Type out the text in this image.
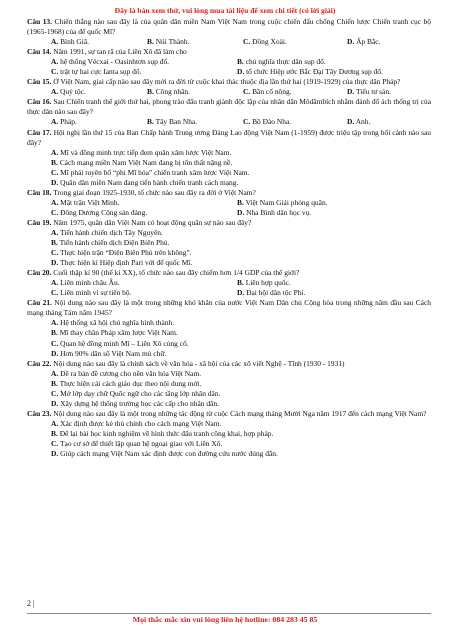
Đây là bản xem thử, vui lòng mua tài liệu để xem chi tiết (có lời giải)

Câu 13. Chiến thắng nào sau đây là của quân dân miền Nam Việt Nam trong cuộc chiến đấu chống Chiến lược Chiến tranh cục bộ (1965-1968) của đế quốc Mĩ?

A. Bình Giã.	B. Núi Thành.	C. Đồng Xoài.	D. Ấp Bắc.

Câu 14. Năm 1991, sự tan rã của Liên Xô đã làm cho

A. hệ thống Vécxai - Oasinhtơn sụp đổ.	B. chủ nghĩa thực dân sụp đổ.
C. trật tự hai cực Ianta sụp đổ.	D. tổ chức Hiệp ước Bắc Đại Tây Dương sụp đổ.

Câu 15. Ở Việt Nam, giai cấp nào sau đây mới ra đời từ cuộc khai thác thuộc địa lần thứ hai (1919-1929) của thực dân Pháp?

A. Quý tộc.	B. Công nhân.	C. Bần cố nông.	D. Tiểu tư sản.

Câu 16. Sau Chiến tranh thế giới thứ hai, phong trào đấu tranh giành độc lập của nhân dân Môdămbích nhằm đánh đổ ách thống trị của thực dân nào sau đây?

A. Pháp.	B. Tây Ban Nha.	C. Bồ Đào Nha.	D. Anh.

Câu 17. Hội nghị lần thứ 15 của Ban Chấp hành Trung ương Đảng Lao động Việt Nam (1-1959) được triệu tập trong bối cảnh nào sau đây?

A. Mĩ và đồng minh trực tiếp đem quân xâm lược Việt Nam.
B. Cách mạng miền Nam Việt Nam đang bị tổn thất nặng nề.
C. Mĩ phải tuyên bố “phi Mĩ hóa” chiến tranh xâm lược Việt Nam.
D. Quân dân miền Nam đang tiến hành chiến tranh cách mạng.

Câu 18. Trong giai đoạn 1925-1930, tổ chức nào sau đây ra đời ở Việt Nam?

A. Mặt trận Việt Minh.	B. Việt Nam Giải phóng quân.
C. Đông Dương Cộng sản đảng.	D. Nha Bình dân học vụ.

Câu 19. Năm 1975, quân dân Việt Nam có hoạt động quân sự nào sau đây?

A. Tiến hành chiến dịch Tây Nguyên.
B. Tiến hành chiến dịch Điện Biên Phủ.
C. Thực hiện trận “Điện Biên Phủ trên không”.
D. Thực hiện kí Hiệp định Pari với đế quốc Mĩ.

Câu 20. Cuối thập kỉ 90 (thế kỉ XX), tổ chức nào sau đây chiếm hơn 1/4 GDP của thế giới?

A. Liên minh châu Âu.	B. Liên hợp quốc.
C. Liên minh vì sự tiến bộ.	D. Đại hội dân tộc Phi.

Câu 21. Nội dung nào sau đây là một trong những khó khăn của nước Việt Nam Dân chủ Cộng hòa trong những năm đầu sau Cách mạng tháng Tám năm 1945?

A. Hệ thống xã hội chủ nghĩa hình thành.
B. Mĩ thay chân Pháp xâm lược Việt Nam.
C. Quan hệ đồng minh Mĩ – Liên Xô củng cố.
D. Hơn 90% dân số Việt Nam mù chữ.

Câu 22. Nội dung nào sau đây là chính sách về văn hóa - xã hội của các xô viết Nghệ - Tĩnh (1930 - 1931)

A. Đề ra bản đề cương cho nền văn hóa Việt Nam.
B. Thực hiện cải cách giáo dục theo nội dung mới.
C. Mở lớp dạy chữ Quốc ngữ cho các tầng lớp nhân dân.
D. Xây dựng hệ thống trường học các cấp cho nhân dân.

Câu 23. Nội dung nào sau đây là một trong những tác động từ cuộc Cách mạng tháng Mười Nga năm 1917 đến cách mạng Việt Nam?

A. Xác định được kẻ thù chính cho cách mạng Việt Nam.
B. Để lại bài học kinh nghiệm về hình thức đấu tranh công khai, hợp pháp.
C. Tạo cơ sở để thiết lập quan hệ ngoại giao với Liên Xô.
D. Giúp cách mạng Việt Nam xác định được con đường cứu nước đúng đắn.
2 |
Mọi thắc mắc xin vui lòng liên hệ hotline: 084 283 45 85
